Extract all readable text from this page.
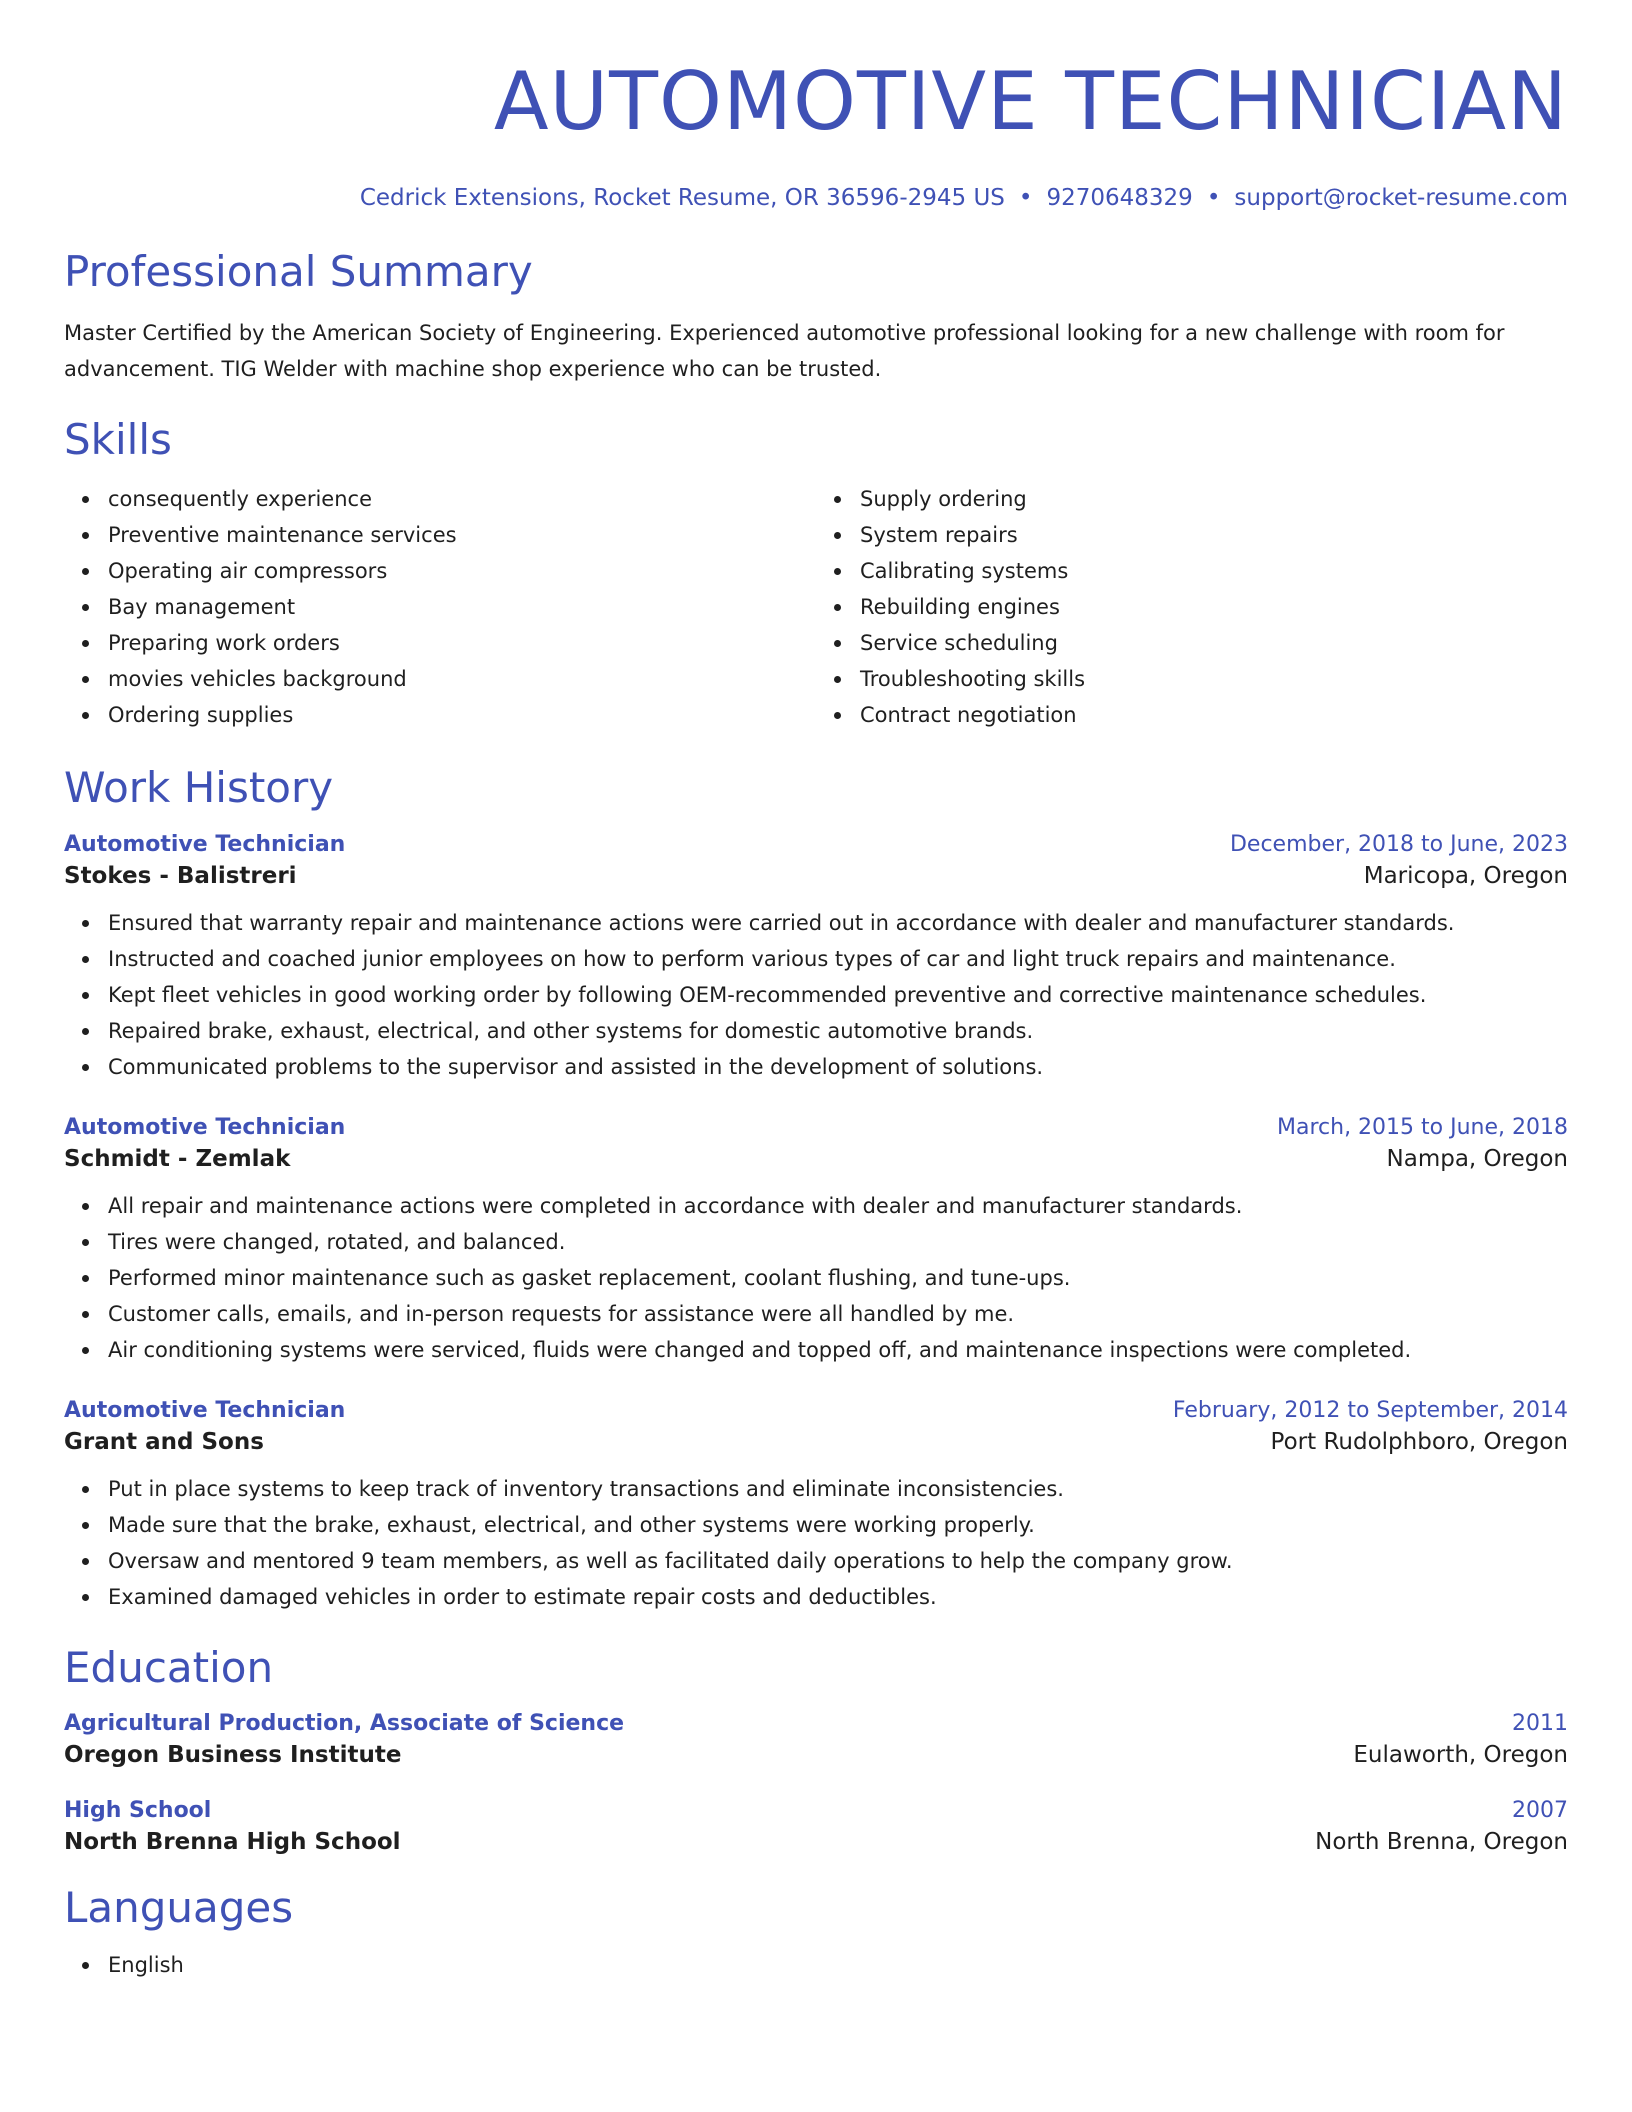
AUTOMOTIVE TECHNICIAN
Cedrick Extensions, Rocket Resume, OR 36596-2945 US • 9270648329 • support@rocket-resume.com
Professional Summary
Master Certified by the American Society of Engineering. Experienced automotive professional looking for a new challenge with room for advancement. TIG Welder with machine shop experience who can be trusted.
Skills
consequently experience
Preventive maintenance services
Operating air compressors
Bay management
Preparing work orders
movies vehicles background
Ordering supplies
Supply ordering
System repairs
Calibrating systems
Rebuilding engines
Service scheduling
Troubleshooting skills
Contract negotiation
Work History
Automotive Technician	December, 2018 to June, 2023
Stokes - Balistreri	Maricopa, Oregon
Ensured that warranty repair and maintenance actions were carried out in accordance with dealer and manufacturer standards.
Instructed and coached junior employees on how to perform various types of car and light truck repairs and maintenance.
Kept fleet vehicles in good working order by following OEM-recommended preventive and corrective maintenance schedules.
Repaired brake, exhaust, electrical, and other systems for domestic automotive brands.
Communicated problems to the supervisor and assisted in the development of solutions.
Automotive Technician	March, 2015 to June, 2018
Schmidt - Zemlak	Nampa, Oregon
All repair and maintenance actions were completed in accordance with dealer and manufacturer standards.
Tires were changed, rotated, and balanced.
Performed minor maintenance such as gasket replacement, coolant flushing, and tune-ups.
Customer calls, emails, and in-person requests for assistance were all handled by me.
Air conditioning systems were serviced, fluids were changed and topped off, and maintenance inspections were completed.
Automotive Technician	February, 2012 to September, 2014
Grant and Sons	Port Rudolphboro, Oregon
Put in place systems to keep track of inventory transactions and eliminate inconsistencies.
Made sure that the brake, exhaust, electrical, and other systems were working properly.
Oversaw and mentored 9 team members, as well as facilitated daily operations to help the company grow.
Examined damaged vehicles in order to estimate repair costs and deductibles.
Education
Agricultural Production, Associate of Science	2011
Oregon Business Institute	Eulaworth, Oregon
High School	2007
North Brenna High School	North Brenna, Oregon
Languages
English
